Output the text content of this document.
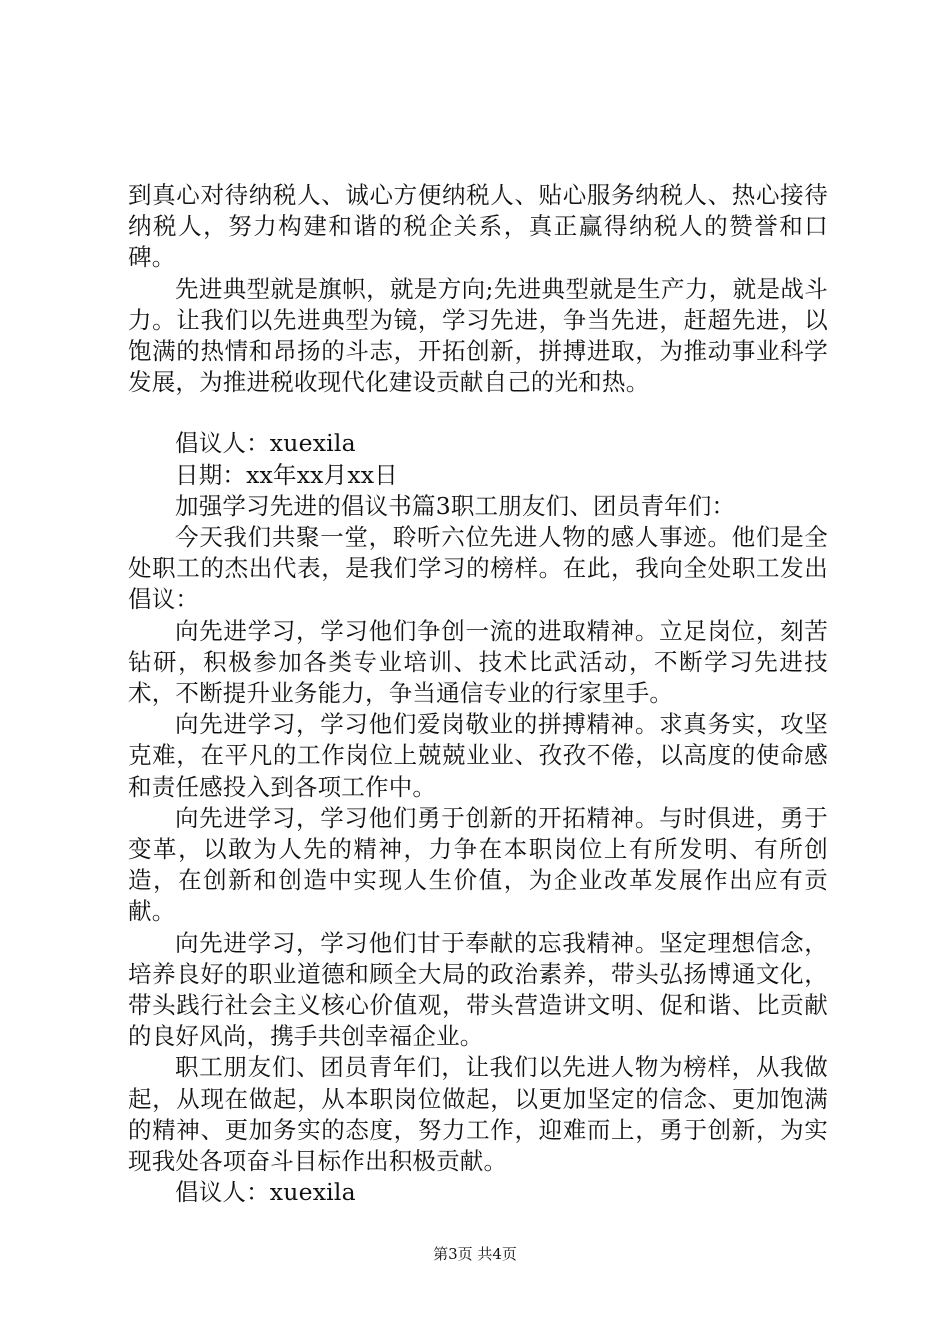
到真心对待纳税人、诚心方便纳税人、贴心服务纳税人、热心接待纳税人，努力构建和谐的税企关系，真正赢得纳税人的赞誉和口碑。

先进典型就是旗帜，就是方向;先进典型就是生产力，就是战斗力。让我们以先进典型为镜，学习先进，争当先进，赶超先进，以饱满的热情和昂扬的斗志，开拓创新，拼搏进取，为推动事业科学发展，为推进税收现代化建设贡献自己的光和热。

倡议人：xuexila

日期：xx年xx月xx日

加强学习先进的倡议书篇3职工朋友们、团员青年们：

今天我们共聚一堂，聆听六位先进人物的感人事迹。他们是全处职工的杰出代表，是我们学习的榜样。在此，我向全处职工发出倡议：

向先进学习，学习他们争创一流的进取精神。立足岗位，刻苦钻研，积极参加各类专业培训、技术比武活动，不断学习先进技术，不断提升业务能力，争当通信专业的行家里手。

向先进学习，学习他们爱岗敬业的拼搏精神。求真务实，攻坚克难，在平凡的工作岗位上兢兢业业、孜孜不倦，以高度的使命感和责任感投入到各项工作中。

向先进学习，学习他们勇于创新的开拓精神。与时俱进，勇于变革，以敢为人先的精神，力争在本职岗位上有所发明、有所创造，在创新和创造中实现人生价值，为企业改革发展作出应有贡献。

向先进学习，学习他们甘于奉献的忘我精神。坚定理想信念，培养良好的职业道德和顾全大局的政治素养，带头弘扬博通文化，带头践行社会主义核心价值观，带头营造讲文明、促和谐、比贡献的良好风尚，携手共创幸福企业。

职工朋友们、团员青年们，让我们以先进人物为榜样，从我做起，从现在做起，从本职岗位做起，以更加坚定的信念、更加饱满的精神、更加务实的态度，努力工作，迎难而上，勇于创新，为实现我处各项奋斗目标作出积极贡献。

倡议人：xuexila

第3页 共4页
